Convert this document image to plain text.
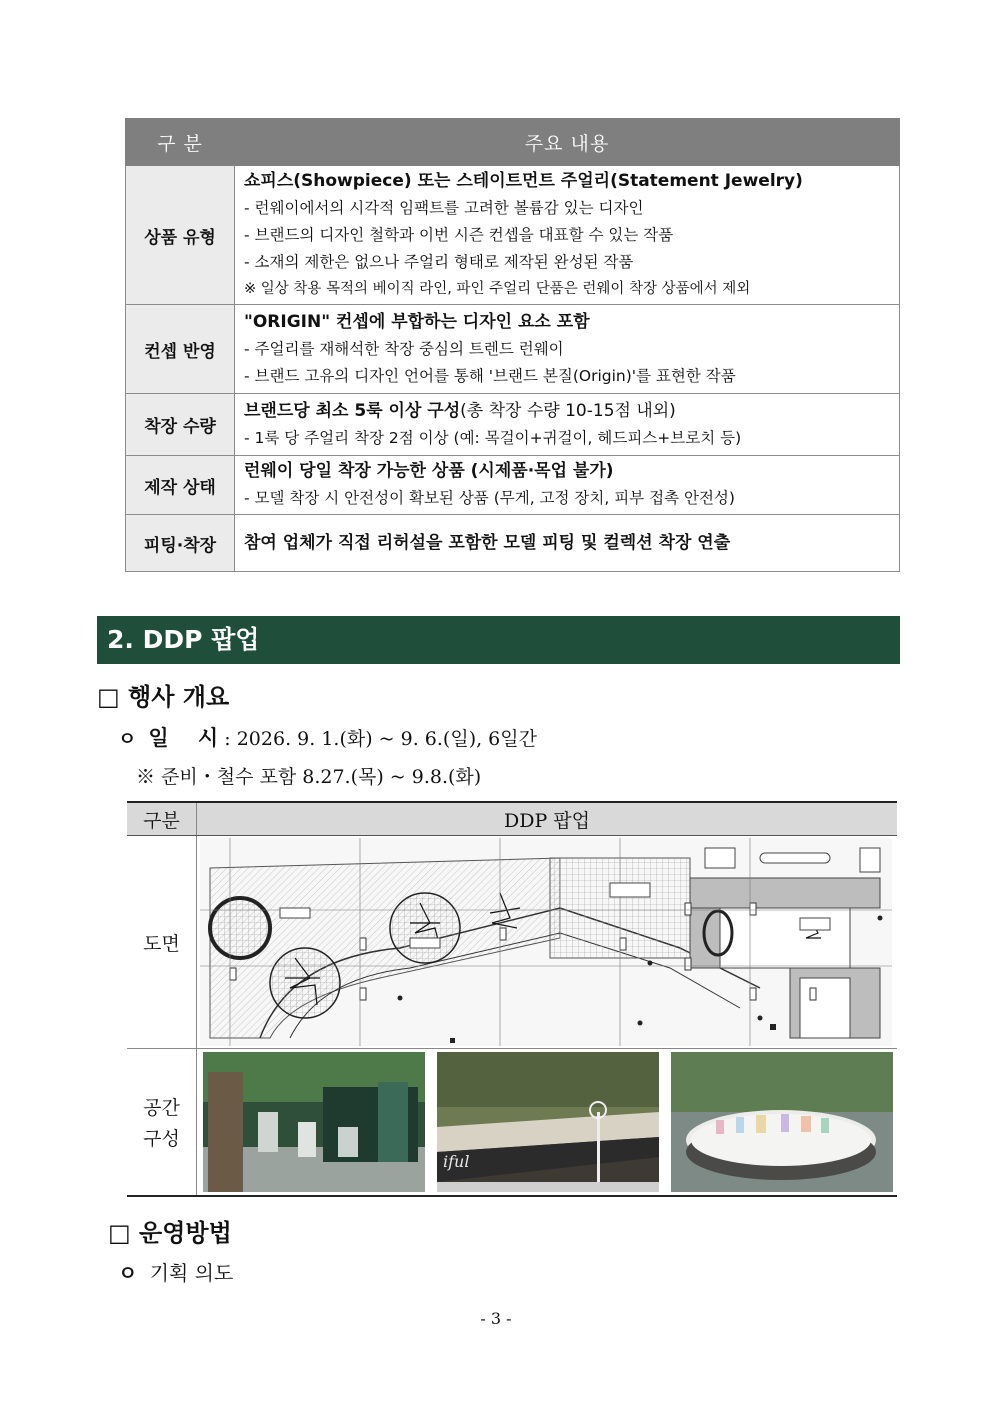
구 분	주요 내용
상품 유형	쇼피스(Showpiece) 또는 스테이트먼트 주얼리(Statement Jewelry)
- 런웨이에서의 시각적 임팩트를 고려한 볼륨감 있는 디자인
- 브랜드의 디자인 철학과 이번 시즌 컨셉을 대표할 수 있는 작품
- 소재의 제한은 없으나 주얼리 형태로 제작된 완성된 작품
※ 일상 착용 목적의 베이직 라인, 파인 주얼리 단품은 런웨이 착장 상품에서 제외

컨셉 반영	"ORIGIN" 컨셉에 부합하는 디자인 요소 포함
- 주얼리를 재해석한 착장 중심의 트렌드 런웨이
- 브랜드 고유의 디자인 언어를 통해 '브랜드 본질(Origin)'를 표현한 작품

착장 수량	브랜드당 최소 5룩 이상 구성(총 착장 수량 10-15점 내외)
- 1룩 당 주얼리 착장 2점 이상 (예: 목걸이+귀걸이, 헤드피스+브로치 등)

제작 상태	런웨이 당일 착장 가능한 상품 (시제품·목업 불가)
- 모델 착장 시 안전성이 확보된 상품 (무게, 고정 장치, 피부 접촉 안전성)

피팅·착장	참여 업체가 직접 리허설을 포함한 모델 피팅 및 컬렉션 착장 연출
2. DDP 팝업
□ 행사 개요
ㅇ 일    시 : 2026. 9. 1.(화) ~ 9. 6.(일), 6일간
※ 준비・철수 포함 8.27.(목) ~ 9.8.(화)
구분	DDP 팝업
도면	

공간
구성	iful
□ 운영방법
ㅇ 기획 의도
- 3 -
